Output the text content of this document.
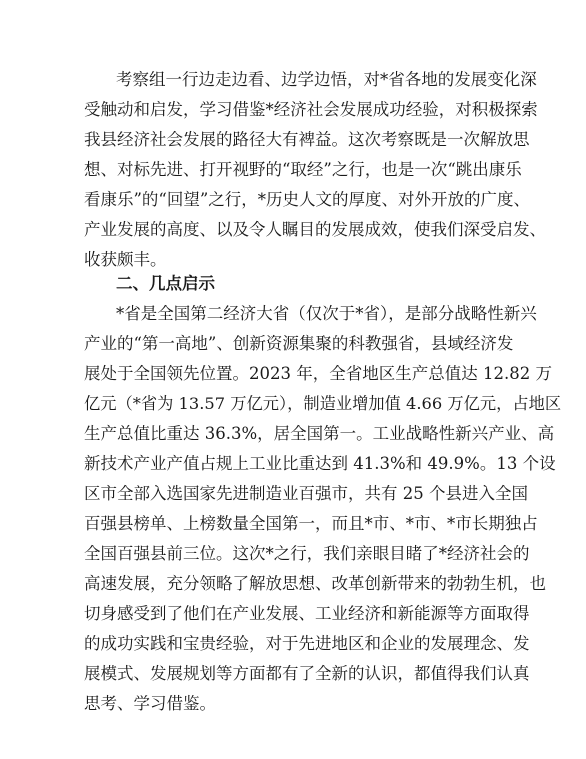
考察组一行边走边看、边学边悟，对*省各地的发展变化深
受触动和启发，学习借鉴*经济社会发展成功经验，对积极探索
我县经济社会发展的路径大有裨益。这次考察既是一次解放思
想、对标先进、打开视野的“取经”之行，也是一次“跳出康乐
看康乐”的“回望”之行，*历史人文的厚度、对外开放的广度、
产业发展的高度、以及令人瞩目的发展成效，使我们深受启发、
收获颇丰。
二、几点启示
*省是全国第二经济大省（仅次于*省），是部分战略性新兴
产业的“第一高地”、创新资源集聚的科教强省，县域经济发
展处于全国领先位置。2023 年，全省地区生产总值达 12.82 万
亿元（*省为 13.57 万亿元），制造业增加值 4.66 万亿元，占地区
生产总值比重达 36.3%，居全国第一。工业战略性新兴产业、高
新技术产业产值占规上工业比重达到 41.3%和 49.9%。13 个设
区市全部入选国家先进制造业百强市，共有 25 个县进入全国
百强县榜单、上榜数量全国第一，而且*市、*市、*市长期独占
全国百强县前三位。这次*之行，我们亲眼目睹了*经济社会的
高速发展，充分领略了解放思想、改革创新带来的勃勃生机，也
切身感受到了他们在产业发展、工业经济和新能源等方面取得
的成功实践和宝贵经验，对于先进地区和企业的发展理念、发
展模式、发展规划等方面都有了全新的认识，都值得我们认真
思考、学习借鉴。
